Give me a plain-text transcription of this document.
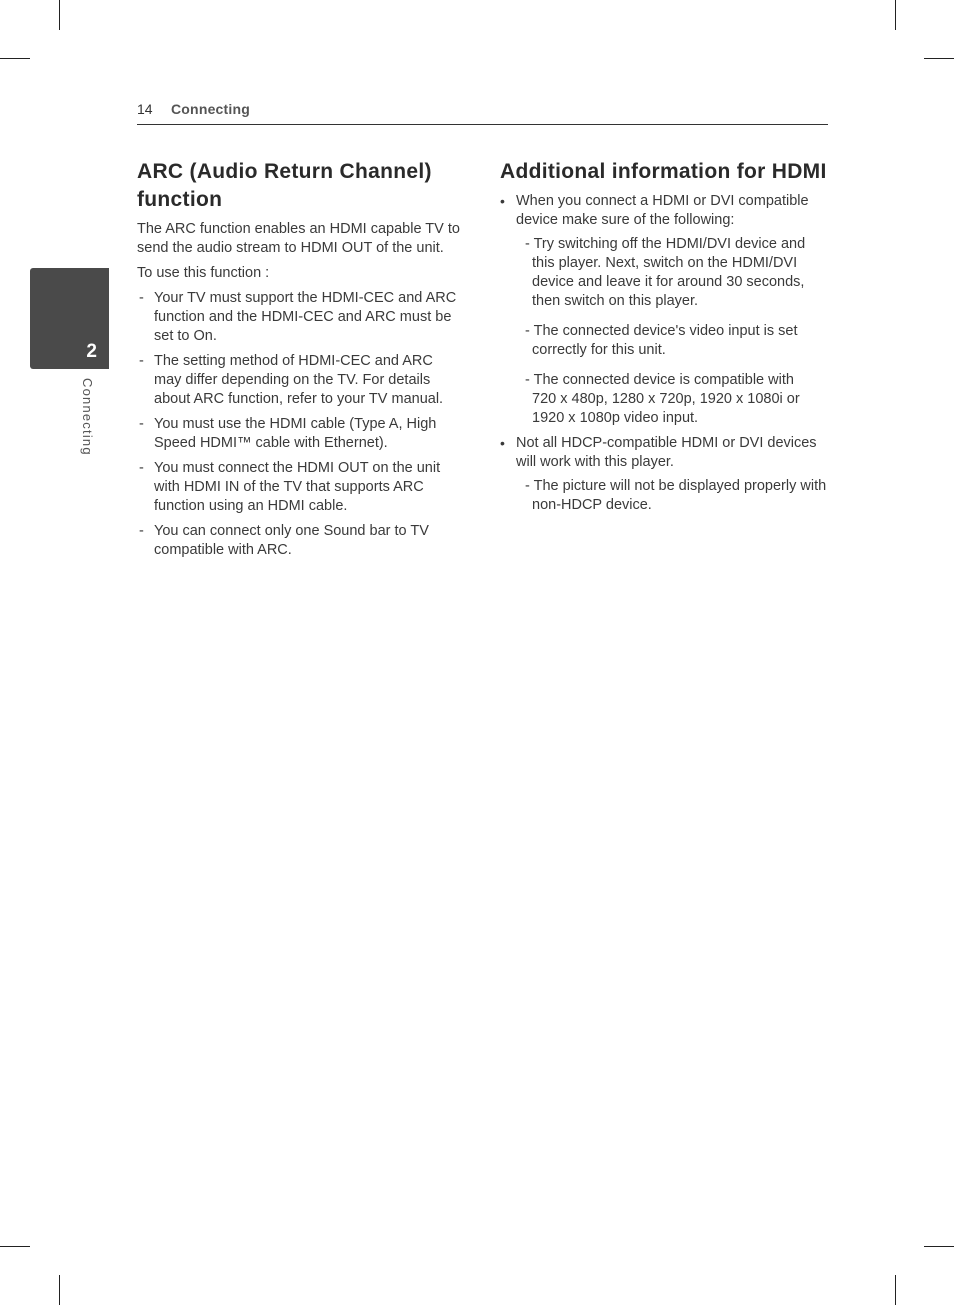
14 Connecting
2
Connecting
ARC (Audio Return Channel) function

The ARC function enables an HDMI capable TV to send the audio stream to HDMI OUT of the unit.

To use this function :

- Your TV must support the HDMI-CEC and ARC function and the HDMI-CEC and ARC must be set to On.
- The setting method of HDMI-CEC and ARC may differ depending on the TV. For details about ARC function, refer to your TV manual.
- You must use the HDMI cable (Type A, High Speed HDMI™ cable with Ethernet).
- You must connect the HDMI OUT on the unit with HDMI IN of the TV that supports ARC function using an HDMI cable.
- You can connect only one Sound bar to TV compatible with ARC.
Additional information for HDMI
• When you connect a HDMI or DVI compatible device make sure of the following:
- Try switching off the HDMI/DVI device and this player. Next, switch on the HDMI/DVI device and leave it for around 30 seconds, then switch on this player.
- The connected device's video input is set correctly for this unit.
- The connected device is compatible with
720 x 480p, 1280 x 720p, 1920 x 1080i or
1920 x 1080p video input.
• Not all HDCP-compatible HDMI or DVI devices will work with this player.
- The picture will not be displayed properly with non-HDCP device.
